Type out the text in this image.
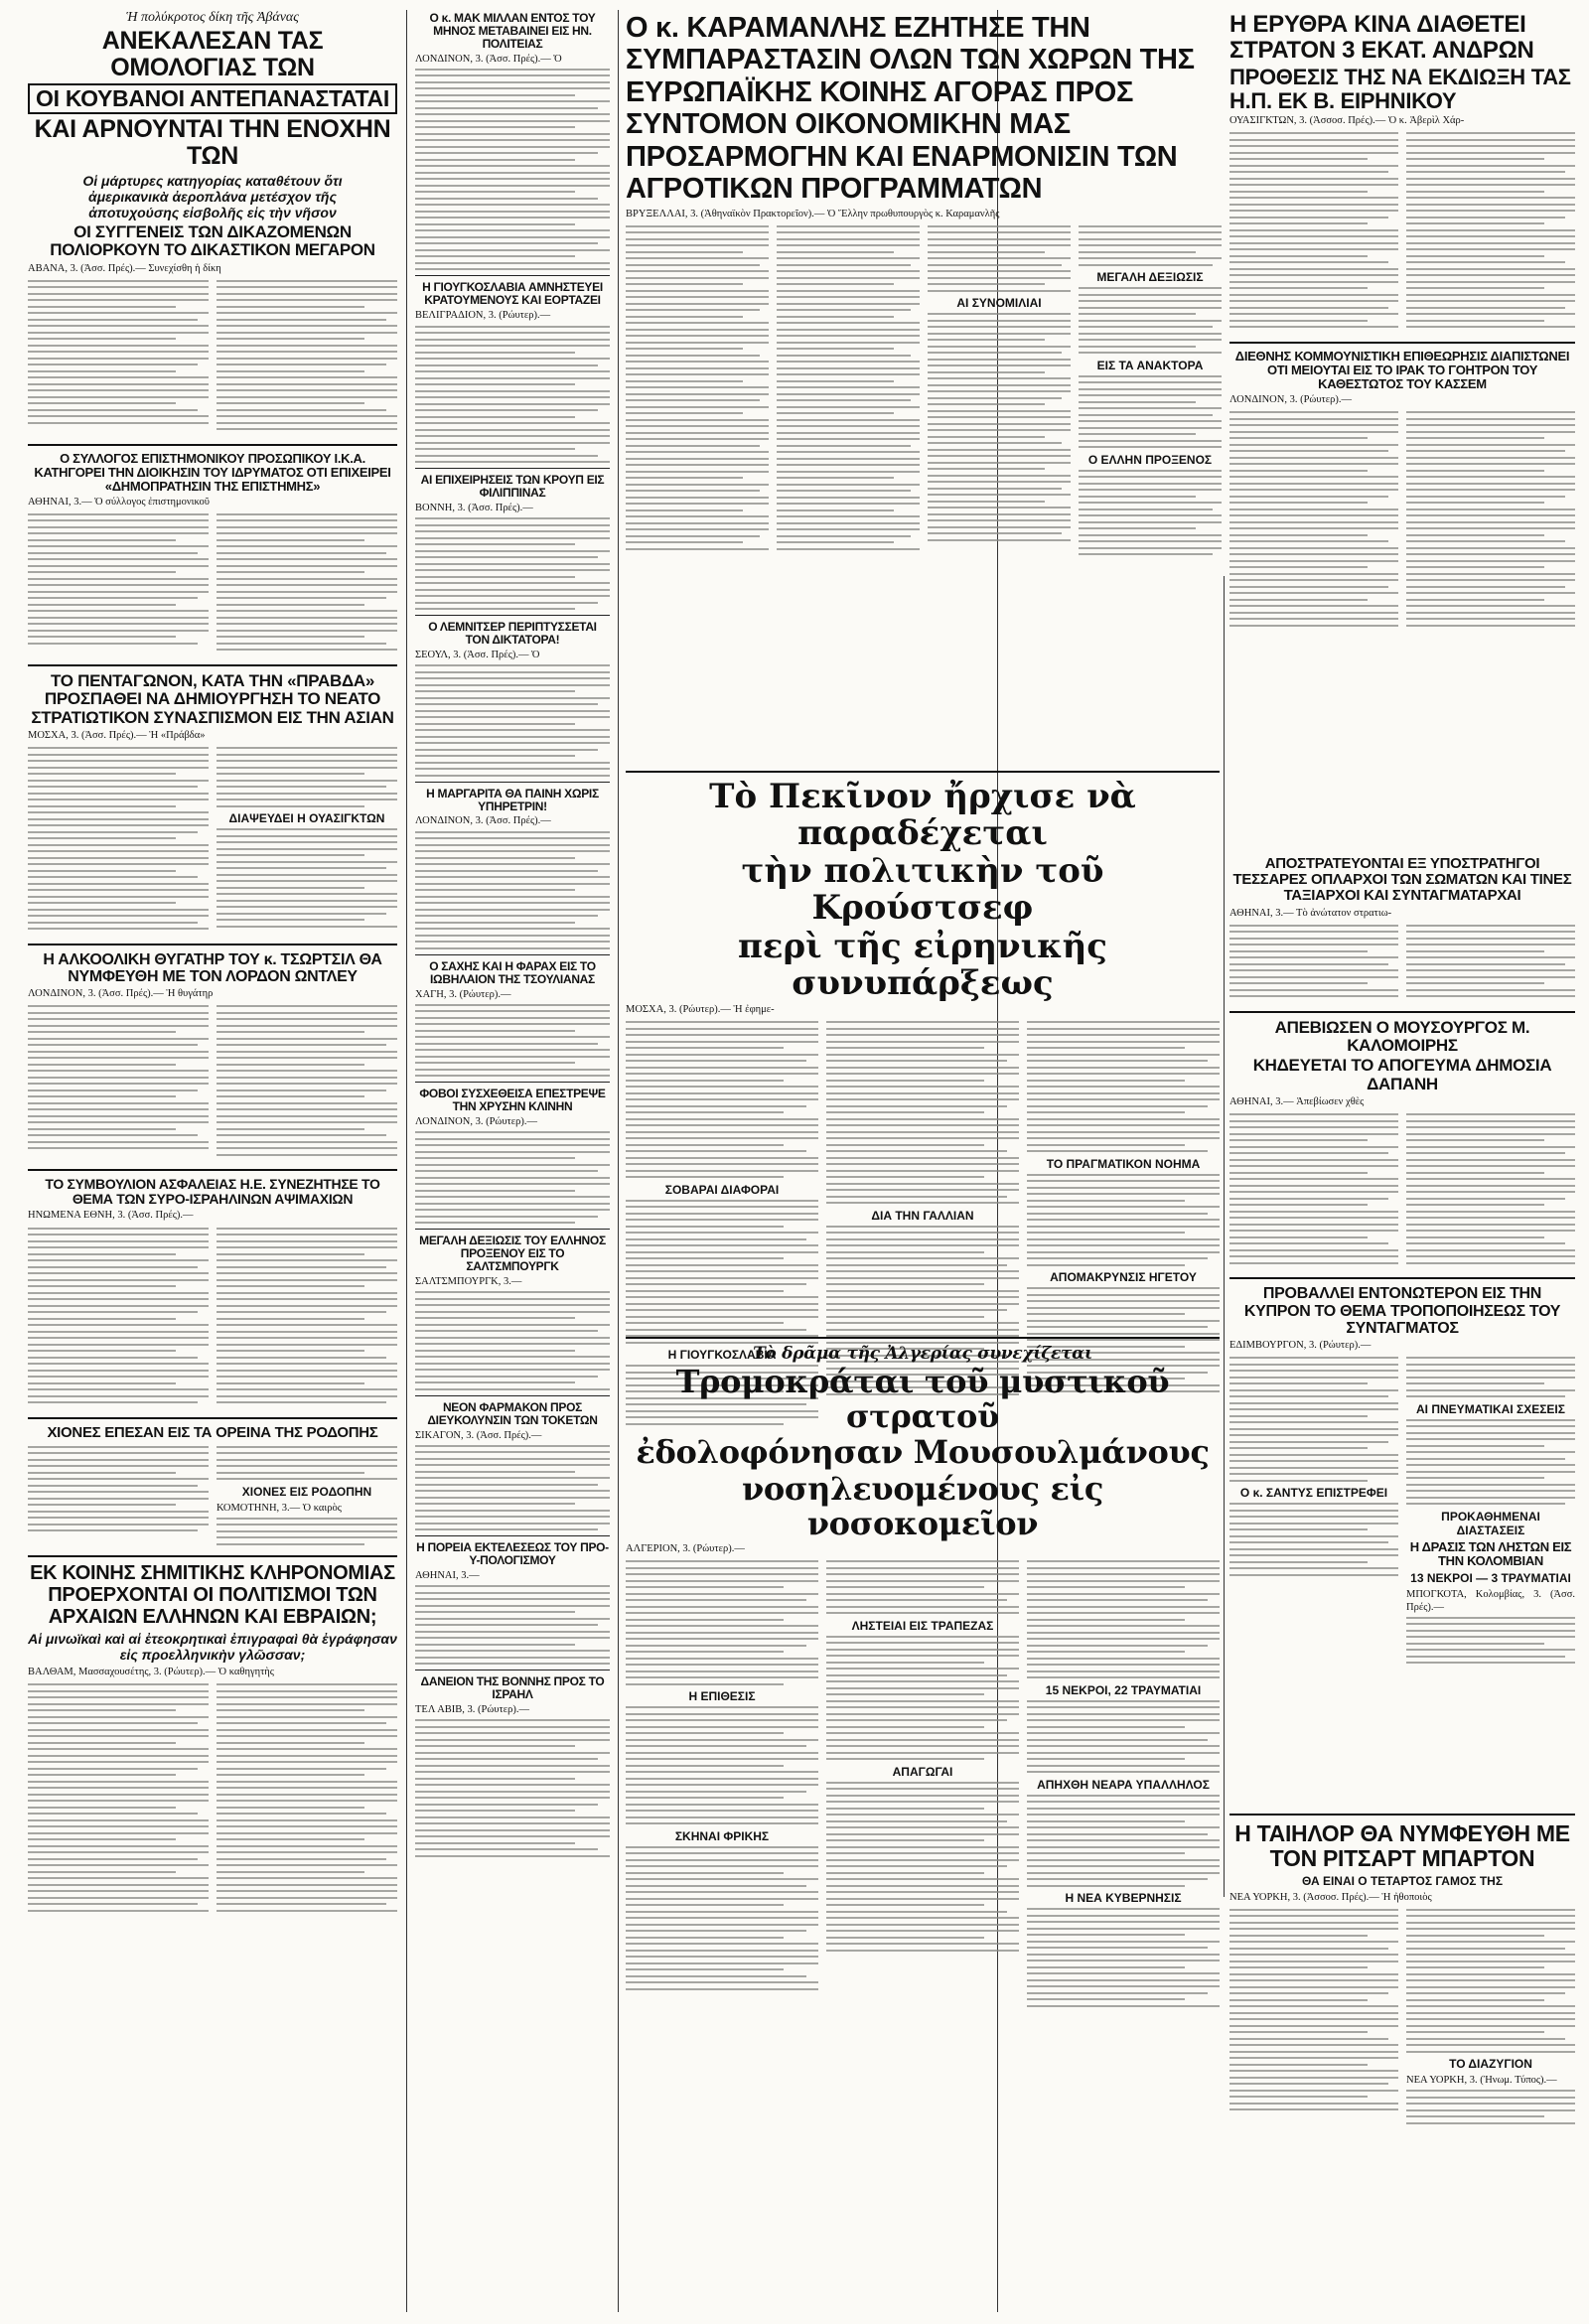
Ἡ πολύκροτος δίκη τῆς Ἀβάνας
ΑΝΕΚΑΛΕΣΑΝ ΤΑΣ ΟΜΟΛΟΓΙΑΣ ΤΩΝ
ΟΙ ΚΟΥΒΑΝΟΙ ΑΝΤΕΠΑΝΑΣΤΑΤΑΙ
ΚΑΙ ΑΡΝΟΥΝΤΑΙ ΤΗΝ ΕΝΟΧΗΝ ΤΩΝ
Οἱ μάρτυρες κατηγορίας καταθέτουν ὅτι ἀμερικανικὰ ἀεροπλάνα μετέσχον τῆς ἀποτυχούσης εἰσβολῆς εἰς τὴν νῆσον
ΟΙ ΣΥΓΓΕΝΕΙΣ ΤΩΝ ΔΙΚΑΖΟΜΕΝΩΝ ΠΟΛΙΟΡΚΟΥΝ ΤΟ ΔΙΚΑΣΤΙΚΟΝ ΜΕΓΑΡΟΝ
ΑΒΑΝΑ, 3. (Ἀσσ. Πρές).— Συνεχίσθη ἡ δίκη
Ο ΣΥΛΛΟΓΟΣ ΕΠΙΣΤΗΜΟΝΙΚΟΥ ΠΡΟΣΩΠΙΚΟΥ Ι.Κ.Α. ΚΑΤΗΓΟΡΕΙ ΤΗΝ ΔΙΟΙΚΗΣΙΝ ΤΟΥ ΙΔΡΥΜΑΤΟΣ ΟΤΙ ΕΠΙΧΕΙΡΕΙ «ΔΗΜΟΠΡΑΤΗΣΙΝ ΤΗΣ ΕΠΙΣΤΗΜΗΣ»
ΑΘΗΝΑΙ, 3.— Ὁ σύλλογος ἐπιστημονικοῦ
ΤΟ ΠΕΝΤΑΓΩΝΟΝ, ΚΑΤΑ ΤΗΝ «ΠΡΑΒΔΑ» ΠΡΟΣΠΑΘΕΙ ΝΑ ΔΗΜΙΟΥΡΓΗΣΗ ΤΟ ΝΕΑΤΟ ΣΤΡΑΤΙΩΤΙΚΟΝ ΣΥΝΑΣΠΙΣΜΟΝ ΕΙΣ ΤΗΝ ΑΣΙΑΝ
ΜΟΣΧΑ, 3. (Ἀσσ. Πρές).— Ἡ «Πράβδα»
ΔΙΑΨΕΥΔΕΙ Η ΟΥΑΣΙΓΚΤΩΝ
Η ΑΛΚΟΟΛΙΚΗ ΘΥΓΑΤΗΡ ΤΟΥ κ. ΤΣΩΡΤΣΙΛ ΘΑ ΝΥΜΦΕΥΘΗ ΜΕ ΤΟΝ ΛΟΡΔΟΝ ΩΝΤΛΕΥ
ΛΟΝΔΙΝΟΝ, 3. (Ἀσσ. Πρές).— Ἡ θυγάτηρ
ΤΟ ΣΥΜΒΟΥΛΙΟΝ ΑΣΦΑΛΕΙΑΣ Η.Ε. ΣΥΝΕΖΗΤΗΣΕ ΤΟ ΘΕΜΑ ΤΩΝ ΣΥΡΟ-ΙΣΡΑΗΛΙΝΩΝ ΑΨΙΜΑΧΙΩΝ
ΗΝΩΜΕΝΑ ΕΘΝΗ, 3. (Ἀσσ. Πρές).—
ΧΙΟΝΕΣ ΕΠΕΣΑΝ ΕΙΣ ΤΑ ΟΡΕΙΝΑ ΤΗΣ ΡΟΔΟΠΗΣ
ΧΙΟΝΕΣ ΕΙΣ ΡΟΔΟΠΗΝ
ΚΟΜΟΤΗΝΗ, 3.— Ὁ καιρὸς
ΕΚ ΚΟΙΝΗΣ ΣΗΜΙΤΙΚΗΣ ΚΛΗΡΟΝΟΜΙΑΣ ΠΡΟΕΡΧΟΝΤΑΙ ΟΙ ΠΟΛΙΤΙΣΜΟΙ ΤΩΝ ΑΡΧΑΙΩΝ ΕΛΛΗΝΩΝ ΚΑΙ ΕΒΡΑΙΩΝ;
Αἱ μινωϊκαὶ καὶ αἱ ἐτεοκρητικαὶ ἐπιγραφαὶ θὰ ἐγράφησαν εἰς προελληνικὴν γλῶσσαν;
ΒΑΛΘΑΜ, Μασσαχουσέτης, 3. (Ρώυτερ).— Ὁ καθηγητὴς
Ο κ. ΜΑΚ ΜΙΛΛΑΝ ΕΝΤΟΣ ΤΟΥ ΜΗΝΟΣ ΜΕΤΑΒΑΙΝΕΙ ΕΙΣ ΗΝ. ΠΟΛΙΤΕΙΑΣ
ΛΟΝΔΙΝΟΝ, 3. (Ἀσσ. Πρές).— Ὁ
Η ΓΙΟΥΓΚΟΣΛΑΒΙΑ ΑΜΝΗΣΤΕΥΕΙ ΚΡΑΤΟΥΜΕΝΟΥΣ ΚΑΙ ΕΟΡΤΑΖΕΙ
ΒΕΛΙΓΡΑΔΙΟΝ, 3. (Ρώυτερ).—
ΑΙ ΕΠΙΧΕΙΡΗΣΕΙΣ ΤΩΝ ΚΡΟΥΠ ΕΙΣ ΦΙΛΙΠΠΙΝΑΣ
ΒΟΝΝΗ, 3. (Ἀσσ. Πρές).—
Ο ΛΕΜΝΙΤΣΕΡ ΠΕΡΙΠΤΥΣΣΕΤΑΙ ΤΟΝ ΔΙΚΤΑΤΟΡΑ!
ΣΕΟΥΛ, 3. (Ἀσσ. Πρές).— Ὁ
Η ΜΑΡΓΑΡΙΤΑ ΘΑ ΠΑΙΝΗ ΧΩΡΙΣ ΥΠΗΡΕΤΡΙΝ!
ΛΟΝΔΙΝΟΝ, 3. (Ἀσσ. Πρές).—
Ο ΣΑΧΗΣ ΚΑΙ Η ΦΑΡΑΧ ΕΙΣ ΤΟ ΙΩΒΗΛΑΙΟΝ ΤΗΣ ΤΣΟΥΛΙΑΝΑΣ
ΧΑΓΗ, 3. (Ρώυτερ).—
ΦΟΒΟΙ ΣΥΣΧΕΘΕΙΣΑ ΕΠΕΣΤΡΕΨΕ ΤΗΝ ΧΡΥΣΗΝ ΚΛΙΝΗΝ
ΛΟΝΔΙΝΟΝ, 3. (Ρώυτερ).—
ΜΕΓΑΛΗ ΔΕΞΙΩΣΙΣ ΤΟΥ ΕΛΛΗΝΟΣ ΠΡΟΞΕΝΟΥ ΕΙΣ ΤΟ ΣΑΛΤΣΜΠΟΥΡΓΚ
ΣΑΛΤΣΜΠΟΥΡΓΚ, 3.—
ΝΕΟΝ ΦΑΡΜΑΚΟΝ ΠΡΟΣ ΔΙΕΥΚΟΛΥΝΣΙΝ ΤΩΝ ΤΟΚΕΤΩΝ
ΣΙΚΑΓΟΝ, 3. (Ἀσσ. Πρές).—
Η ΠΟΡΕΙΑ ΕΚΤΕΛΕΣΕΩΣ ΤΟΥ ΠΡΟ-Υ-ΠΟΛΟΓΙΣΜΟΥ
ΑΘΗΝΑΙ, 3.—
ΔΑΝΕΙΟΝ ΤΗΣ ΒΟΝΝΗΣ ΠΡΟΣ ΤΟ ΙΣΡΑΗΛ
ΤΕΛ ΑΒΙΒ, 3. (Ρώυτερ).—
Ο κ. ΚΑΡΑΜΑΝΛΗΣ ΕΖΗΤΗΣΕ ΤΗΝ ΣΥΜΠΑΡΑΣΤΑΣΙΝ ΟΛΩΝ ΤΩΝ ΧΩΡΩΝ ΤΗΣ ΕΥΡΩΠΑΪΚΗΣ ΚΟΙΝΗΣ ΑΓΟΡΑΣ ΠΡΟΣ ΣΥΝΤΟΜΟΝ ΟΙΚΟΝΟΜΙΚΗΝ ΜΑΣ ΠΡΟΣΑΡΜΟΓΗΝ ΚΑΙ ΕΝΑΡΜΟΝΙΣΙΝ ΤΩΝ ΑΓΡΟΤΙΚΩΝ ΠΡΟΓΡΑΜΜΑΤΩΝ
ΒΡΥΞΕΛΛΑΙ, 3. (Ἀθηναϊκὸν Πρακτορεῖον).— Ὁ Ἕλλην πρωθυπουργὸς κ. Καραμανλῆς
ΑΙ ΣΥΝΟΜΙΛΙΑΙ
ΜΕΓΑΛΗ ΔΕΞΙΩΣΙΣ
ΕΙΣ ΤΑ ΑΝΑΚΤΟΡΑ
Ο ΕΛΛΗΝ ΠΡΟΞΕΝΟΣ
Η ΕΡΥΘΡΑ ΚΙΝΑ ΔΙΑΘΕΤΕΙ ΣΤΡΑΤΟΝ 3 ΕΚΑΤ. ΑΝΔΡΩΝ
ΠΡΟΘΕΣΙΣ ΤΗΣ ΝΑ ΕΚΔΙΩΞΗ ΤΑΣ Η.Π. ΕΚ Β. ΕΙΡΗΝΙΚΟΥ
ΟΥΑΣΙΓΚΤΩΝ, 3. (Ἀσσοσ. Πρές).— Ὁ κ. Ἀβερὶλ Χάρ-
ΔΙΕΘΝΗΣ ΚΟΜΜΟΥΝΙΣΤΙΚΗ ΕΠΙΘΕΩΡΗΣΙΣ ΔΙΑΠΙΣΤΩΝΕΙ ΟΤΙ ΜΕΙΟΥΤΑΙ ΕΙΣ ΤΟ ΙΡΑΚ ΤΟ ΓΟΗΤΡΟΝ ΤΟΥ ΚΑΘΕΣΤΩΤΟΣ ΤΟΥ ΚΑΣΣΕΜ
ΛΟΝΔΙΝΟΝ, 3. (Ρώυτερ).—
Τὸ Πεκῖνον ἤρχισε νὰ παραδέχεται
τὴν πολιτικὴν τοῦ Κρούστσεφ
περὶ τῆς εἰρηνικῆς συνυπάρξεως
ΜΟΣΧΑ, 3. (Ρώυτερ).— Ἡ ἐφημε-
ΣΟΒΑΡΑΙ ΔΙΑΦΟΡΑΙ
Η ΓΙΟΥΓΚΟΣΛΑΒΙΑ
ΔΙΑ ΤΗΝ ΓΑΛΛΙΑΝ
ΤΟ ΠΡΑΓΜΑΤΙΚΟΝ ΝΟΗΜΑ
ΑΠΟΜΑΚΡΥΝΣΙΣ ΗΓΕΤΟΥ
ΑΠΟΣΤΡΑΤΕΥΟΝΤΑΙ ΕΞ ΥΠΟΣΤΡΑΤΗΓΟΙ ΤΕΣΣΑΡΕΣ ΟΠΛΑΡΧΟΙ ΤΩΝ ΣΩΜΑΤΩΝ ΚΑΙ ΤΙΝΕΣ ΤΑΞΙΑΡΧΟΙ ΚΑΙ ΣΥΝΤΑΓΜΑΤΑΡΧΑΙ
ΑΘΗΝΑΙ, 3.— Τὸ ἀνώτατον στρατιω-
ΑΠΕΒΙΩΣΕΝ Ο ΜΟΥΣΟΥΡΓΟΣ Μ. ΚΑΛΟΜΟΙΡΗΣ
ΚΗΔΕΥΕΤΑΙ ΤΟ ΑΠΟΓΕΥΜΑ ΔΗΜΟΣΙΑ ΔΑΠΑΝΗ
ΑΘΗΝΑΙ, 3.— Ἀπεβίωσεν χθὲς
ΠΡΟΒΑΛΛΕΙ ΕΝΤΟΝΩΤΕΡΟΝ ΕΙΣ ΤΗΝ ΚΥΠΡΟΝ ΤΟ ΘΕΜΑ ΤΡΟΠΟΠΟΙΗΣΕΩΣ ΤΟΥ ΣΥΝΤΑΓΜΑΤΟΣ
ΕΔΙΜΒΟΥΡΓΟΝ, 3. (Ρώυτερ).—
Ο κ. ΣΑΝΤΥΣ ΕΠΙΣΤΡΕΦΕΙ
ΑΙ ΠΝΕΥΜΑΤΙΚΑΙ ΣΧΕΣΕΙΣ
ΠΡΟΚΑΘΗΜΕΝΑΙ ΔΙΑΣΤΑΣΕΙΣ
Η ΔΡΑΣΙΣ ΤΩΝ ΛΗΣΤΩΝ ΕΙΣ ΤΗΝ ΚΟΛΟΜΒΙΑΝ
13 ΝΕΚΡΟΙ — 3 ΤΡΑΥΜΑΤΙΑΙ
ΜΠΟΓΚΟΤΑ, Κολομβίας, 3. (Ἀσσ. Πρές).—
Τὸ δρᾶμα τῆς Ἀλγερίας συνεχίζεται
Τρομοκράται τοῦ μυστικοῦ στρατοῦ
ἐδολοφόνησαν Μουσουλμάνους
νοσηλευομένους εἰς νοσοκομεῖον
ΑΛΓΕΡΙΟΝ, 3. (Ρώυτερ).—
Η ΕΠΙΘΕΣΙΣ
ΣΚΗΝΑΙ ΦΡΙΚΗΣ
ΛΗΣΤΕΙΑΙ ΕΙΣ ΤΡΑΠΕΖΑΣ
ΑΠΑΓΩΓΑΙ
15 ΝΕΚΡΟΙ, 22 ΤΡΑΥΜΑΤΙΑΙ
ΑΠΗΧΘΗ ΝΕΑΡΑ ΥΠΑΛΛΗΛΟΣ
Η ΝΕΑ ΚΥΒΕΡΝΗΣΙΣ
Η ΤΑΙΗΛΟΡ ΘΑ ΝΥΜΦΕΥΘΗ ΜΕ ΤΟΝ ΡΙΤΣΑΡΤ ΜΠΑΡΤΟΝ
ΘΑ ΕΙΝΑΙ Ο ΤΕΤΑΡΤΟΣ ΓΑΜΟΣ ΤΗΣ
ΝΕΑ ΥΟΡΚΗ, 3. (Ἀσσοσ. Πρές).— Ἡ ἠθοποιὸς
ΤΟ ΔΙΑΖΥΓΙΟΝ
ΝΕΑ ΥΟΡΚΗ, 3. (Ἠνωμ. Τύπος).—
